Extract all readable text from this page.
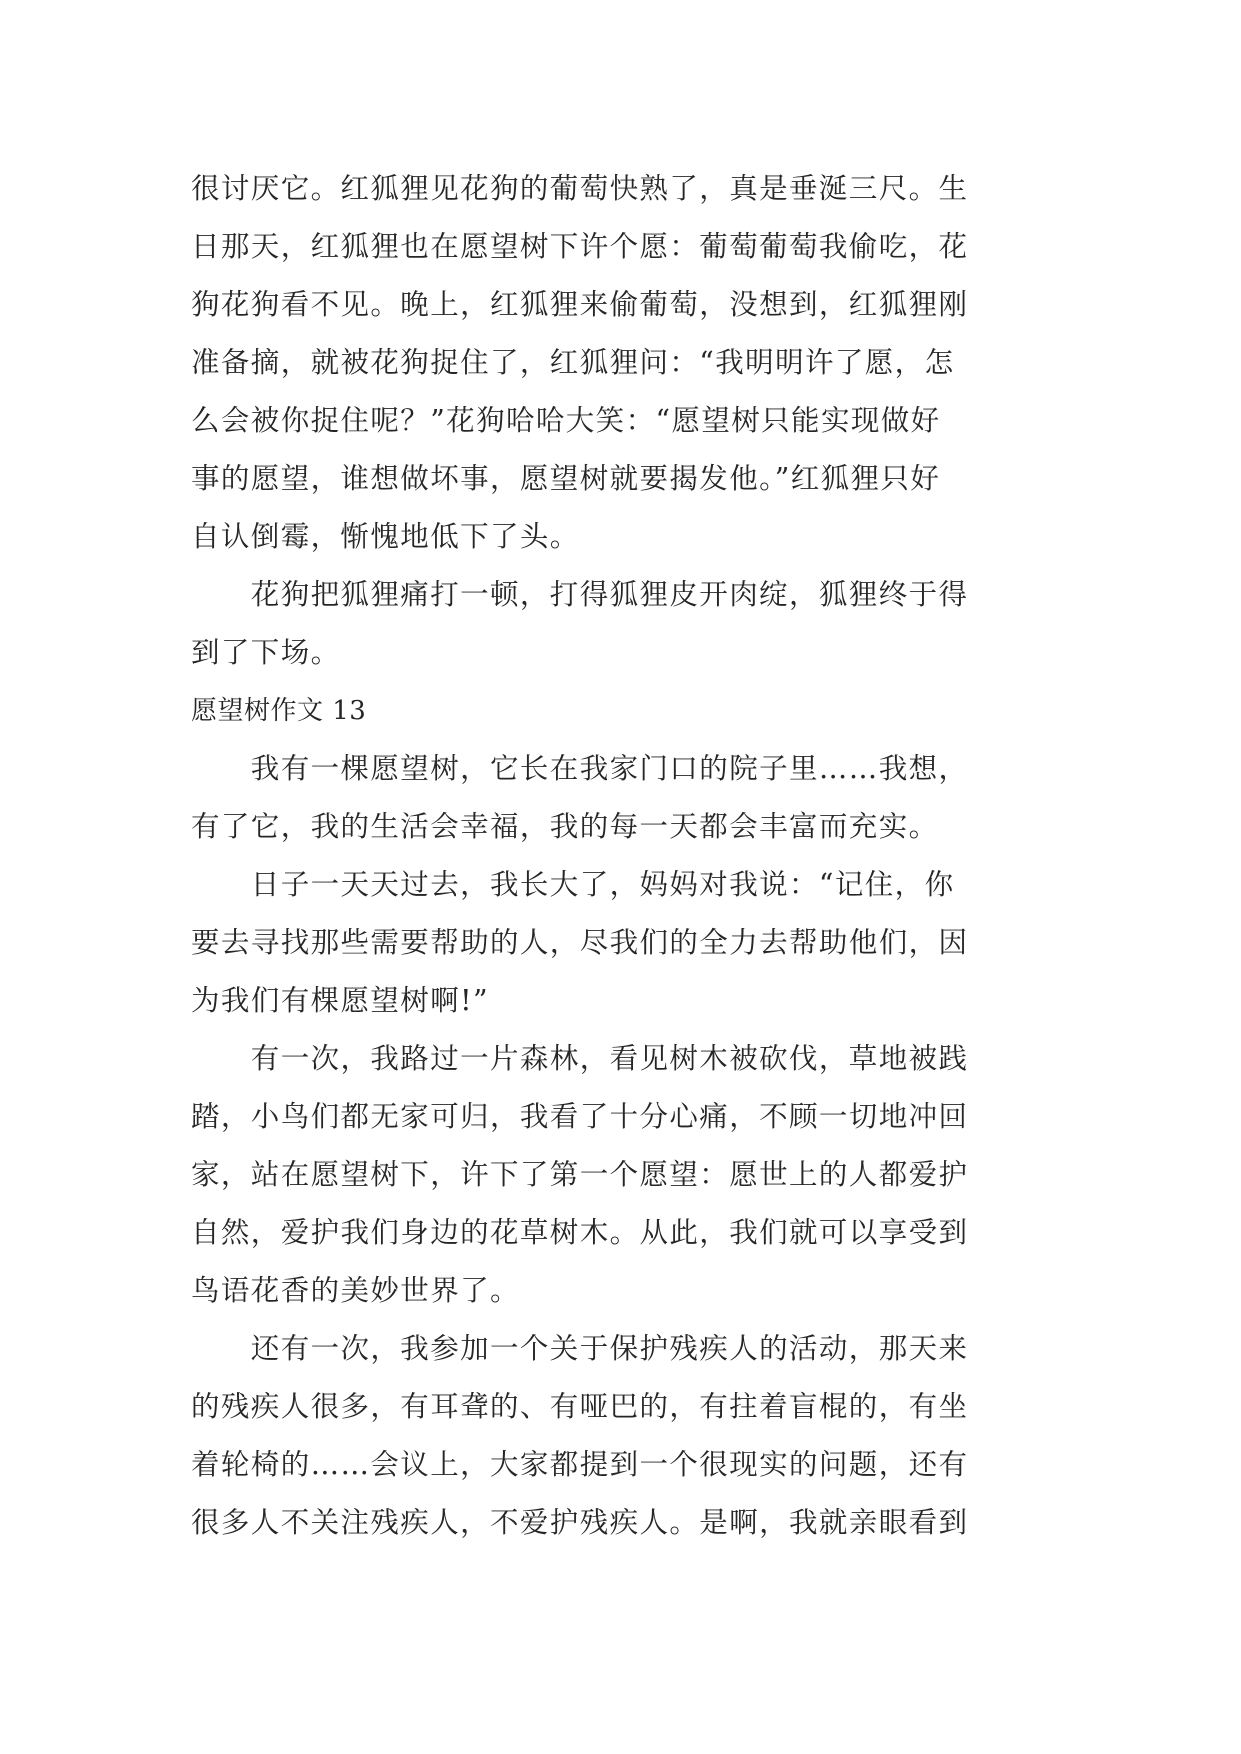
很讨厌它。红狐狸见花狗的葡萄快熟了，真是垂涎三尺。生
日那天，红狐狸也在愿望树下许个愿：葡萄葡萄我偷吃，花
狗花狗看不见。晚上，红狐狸来偷葡萄，没想到，红狐狸刚
准备摘，就被花狗捉住了，红狐狸问：“我明明许了愿，怎
么会被你捉住呢？”花狗哈哈大笑：“愿望树只能实现做好
事的愿望，谁想做坏事，愿望树就要揭发他。”红狐狸只好
自认倒霉，惭愧地低下了头。
　　花狗把狐狸痛打一顿，打得狐狸皮开肉绽，狐狸终于得
到了下场。
愿望树作文 13
　　我有一棵愿望树，它长在我家门口的院子里……我想，
有了它，我的生活会幸福，我的每一天都会丰富而充实。
　　日子一天天过去，我长大了，妈妈对我说：“记住，你
要去寻找那些需要帮助的人，尽我们的全力去帮助他们，因
为我们有棵愿望树啊!”
　　有一次，我路过一片森林，看见树木被砍伐，草地被践
踏，小鸟们都无家可归，我看了十分心痛，不顾一切地冲回
家，站在愿望树下，许下了第一个愿望：愿世上的人都爱护
自然，爱护我们身边的花草树木。从此，我们就可以享受到
鸟语花香的美妙世界了。
　　还有一次，我参加一个关于保护残疾人的活动，那天来
的残疾人很多，有耳聋的、有哑巴的，有拄着盲棍的，有坐
着轮椅的……会议上，大家都提到一个很现实的问题，还有
很多人不关注残疾人，不爱护残疾人。是啊，我就亲眼看到
